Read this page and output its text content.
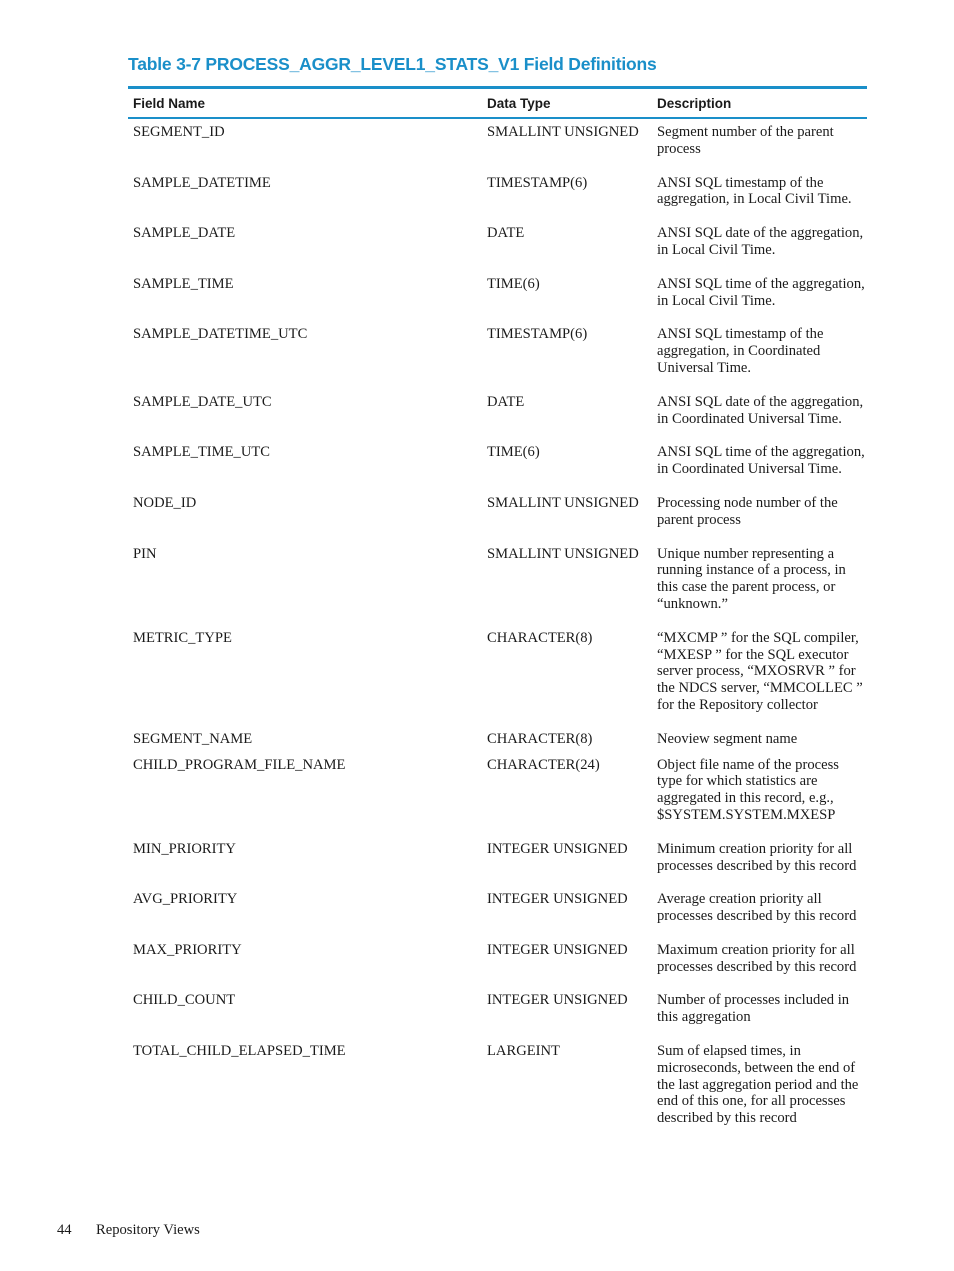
Table 3-7 PROCESS_AGGR_LEVEL1_STATS_V1 Field Definitions
Field Name	Data Type	Description
SEGMENT_ID	SMALLINT UNSIGNED	Segment number of the parent process
SAMPLE_DATETIME	TIMESTAMP(6)	ANSI SQL timestamp of the aggregation, in Local Civil Time.
SAMPLE_DATE	DATE	ANSI SQL date of the aggregation, in Local Civil Time.
SAMPLE_TIME	TIME(6)	ANSI SQL time of the aggregation, in Local Civil Time.
SAMPLE_DATETIME_UTC	TIMESTAMP(6)	ANSI SQL timestamp of the aggregation, in Coordinated Universal Time.
SAMPLE_DATE_UTC	DATE	ANSI SQL date of the aggregation, in Coordinated Universal Time.
SAMPLE_TIME_UTC	TIME(6)	ANSI SQL time of the aggregation, in Coordinated Universal Time.
NODE_ID	SMALLINT UNSIGNED	Processing node number of the parent process
PIN	SMALLINT UNSIGNED	Unique number representing a running instance of a process, in this case the parent process, or “unknown.”
METRIC_TYPE	CHARACTER(8)	“MXCMP ” for the SQL compiler, “MXESP ” for the SQL executor server process, “MXOSRVR ” for the NDCS server, “MMCOLLEC ” for the Repository collector
SEGMENT_NAME	CHARACTER(8)	Neoview segment name
CHILD_PROGRAM_FILE_NAME	CHARACTER(24)	Object file name of the process type for which statistics are aggregated in this record, e.g., $SYSTEM.SYSTEM.MXESP
MIN_PRIORITY	INTEGER UNSIGNED	Minimum creation priority for all processes described by this record
AVG_PRIORITY	INTEGER UNSIGNED	Average creation priority all processes described by this record
MAX_PRIORITY	INTEGER UNSIGNED	Maximum creation priority for all processes described by this record
CHILD_COUNT	INTEGER UNSIGNED	Number of processes included in this aggregation
TOTAL_CHILD_ELAPSED_TIME	LARGEINT	Sum of elapsed times, in microseconds, between the end of the last aggregation period and the end of this one, for all processes described by this record
44 Repository Views
